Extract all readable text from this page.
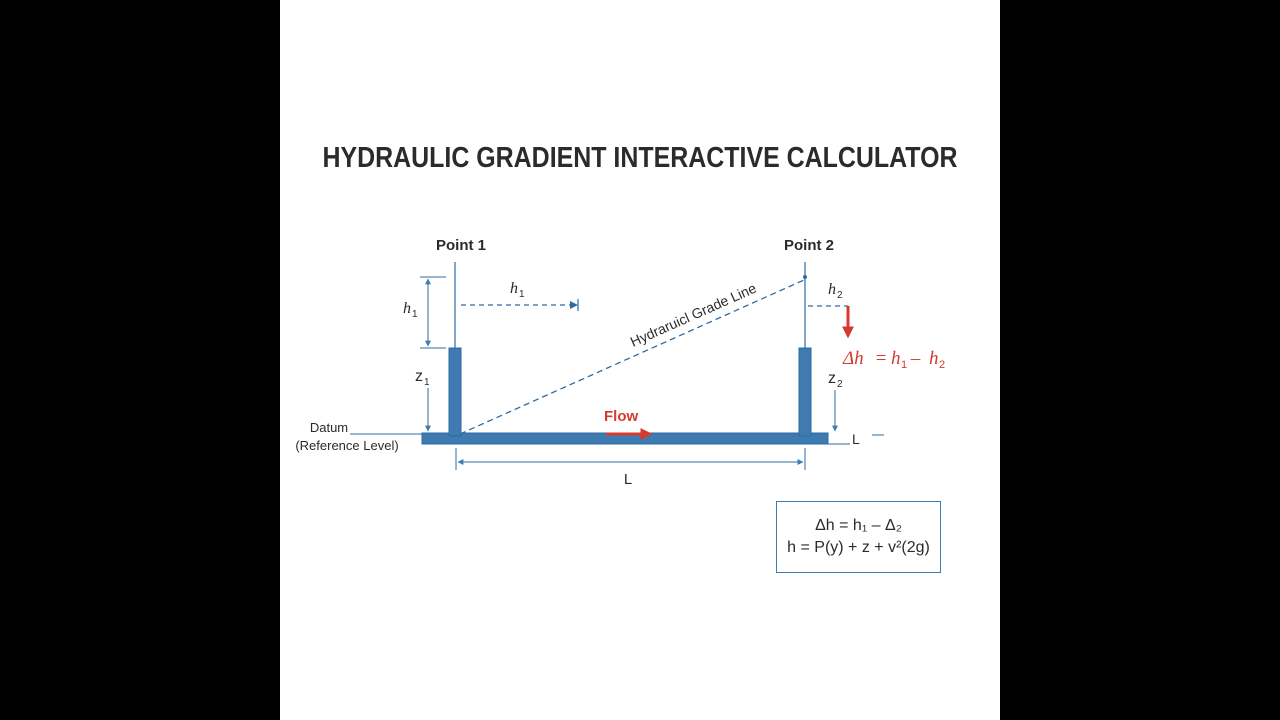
HYDRAULIC GRADIENT INTERACTIVE CALCULATOR
Point 1	Point 2
h 1
h 1	h 2
z 1	z 2
Hydraruicl Grade Line
Flow
Datum
(Reference Level)
L
L
Δh = h 1
– h 2
Δh = h₁ – Δ₂
h = P(y) + z + v²(2g)
